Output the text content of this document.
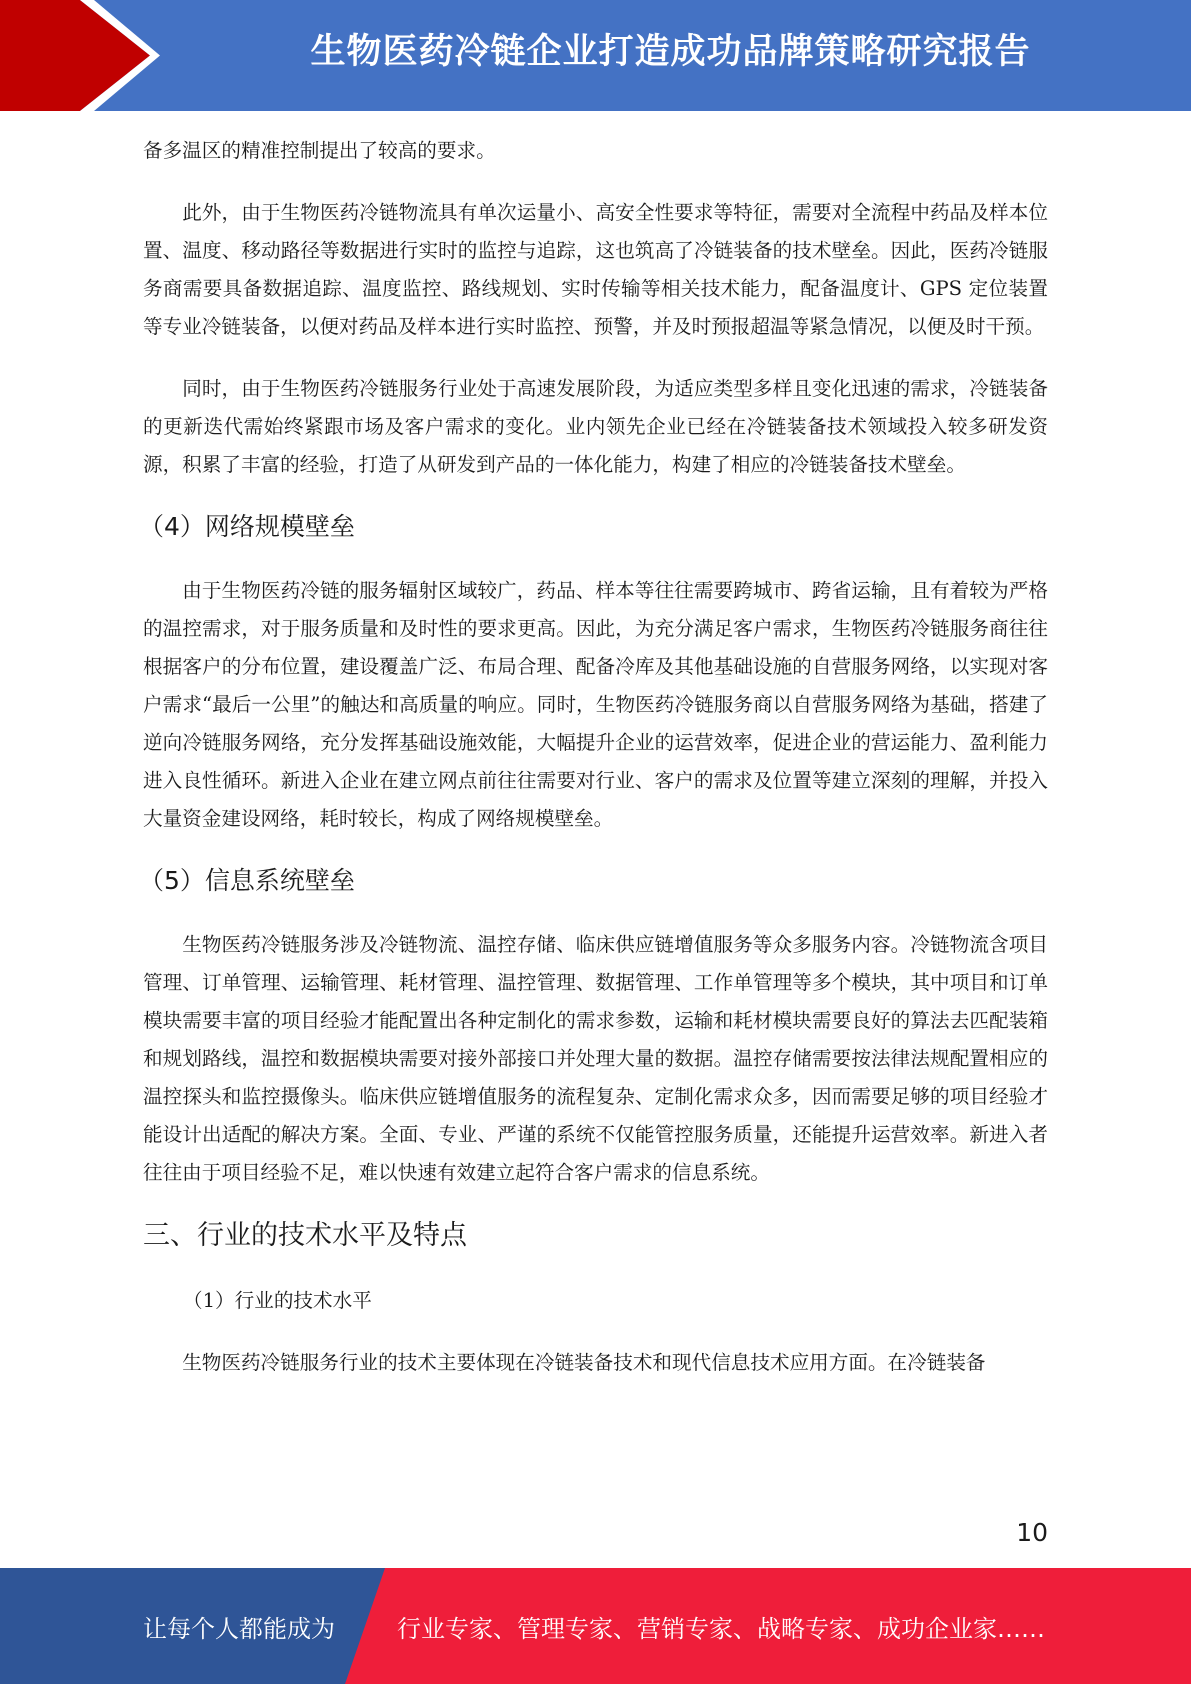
生物医药冷链企业打造成功品牌策略研究报告

备多温区的精准控制提出了较高的要求。

此外，由于生物医药冷链物流具有单次运量小、高安全性要求等特征，需要对全流程中药品及样本位置、温度、移动路径等数据进行实时的监控与追踪，这也筑高了冷链装备的技术壁垒。因此，医药冷链服务商需要具备数据追踪、温度监控、路线规划、实时传输等相关技术能力，配备温度计、GPS 定位装置等专业冷链装备，以便对药品及样本进行实时监控、预警，并及时预报超温等紧急情况，以便及时干预。

同时，由于生物医药冷链服务行业处于高速发展阶段，为适应类型多样且变化迅速的需求，冷链装备的更新迭代需始终紧跟市场及客户需求的变化。业内领先企业已经在冷链装备技术领域投入较多研发资源，积累了丰富的经验，打造了从研发到产品的一体化能力，构建了相应的冷链装备技术壁垒。

（4）网络规模壁垒

由于生物医药冷链的服务辐射区域较广，药品、样本等往往需要跨城市、跨省运输，且有着较为严格的温控需求，对于服务质量和及时性的要求更高。因此，为充分满足客户需求，生物医药冷链服务商往往根据客户的分布位置，建设覆盖广泛、布局合理、配备冷库及其他基础设施的自营服务网络，以实现对客户需求“最后一公里”的触达和高质量的响应。同时，生物医药冷链服务商以自营服务网络为基础，搭建了逆向冷链服务网络，充分发挥基础设施效能，大幅提升企业的运营效率，促进企业的营运能力、盈利能力进入良性循环。新进入企业在建立网点前往往需要对行业、客户的需求及位置等建立深刻的理解，并投入大量资金建设网络，耗时较长，构成了网络规模壁垒。

（5）信息系统壁垒

生物医药冷链服务涉及冷链物流、温控存储、临床供应链增值服务等众多服务内容。冷链物流含项目管理、订单管理、运输管理、耗材管理、温控管理、数据管理、工作单管理等多个模块，其中项目和订单模块需要丰富的项目经验才能配置出各种定制化的需求参数，运输和耗材模块需要良好的算法去匹配装箱和规划路线，温控和数据模块需要对接外部接口并处理大量的数据。温控存储需要按法律法规配置相应的温控探头和监控摄像头。临床供应链增值服务的流程复杂、定制化需求众多，因而需要足够的项目经验才能设计出适配的解决方案。全面、专业、严谨的系统不仅能管控服务质量，还能提升运营效率。新进入者往往由于项目经验不足，难以快速有效建立起符合客户需求的信息系统。

三、行业的技术水平及特点
（1）行业的技术水平

生物医药冷链服务行业的技术主要体现在冷链装备技术和现代信息技术应用方面。在冷链装备

10
让每个人都能成为	行业专家、管理专家、营销专家、战略专家、成功企业家……
